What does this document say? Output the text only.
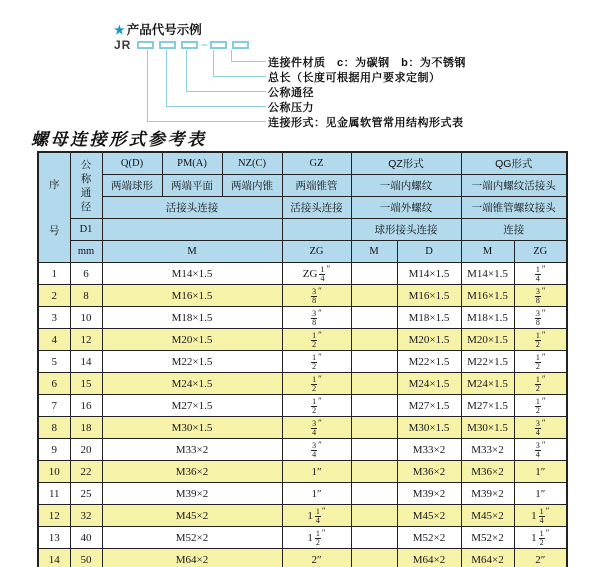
★ 产品代号示例
JR	–
连接件材质　c：为碳钢　b：为不锈钢
总长（长度可根据用户要求定制）
公称通径
公称压力
连接形式：见金属软管常用结构形式表
螺母连接形式参考表
序号	公称通径	Q(D)	PM(A)	NZ(C)	GZ	QZ形式		QG形式	
		两端球形	两端平面	两端内锥	两端锥管	一端内螺纹		一端内螺纹活接头	
		活接头连接			活接头连接	一端外螺纹		一端锥管螺纹接头	
	D1					球形接头连接		连接	
	mm	M			ZG	M	D	M	ZG
1	6	M14×1.5			ZG $\frac{1}{4} ''$		M14×1.5	M14×1.5	$\frac{1}{4} ''$
2	8	M16×1.5			$\frac{3}{8} ''$		M16×1.5	M16×1.5	$\frac{3}{8} ''$
3	10	M18×1.5			$\frac{3}{8} ''$		M18×1.5	M18×1.5	$\frac{3}{8} ''$
4	12	M20×1.5			$\frac{1}{2} ''$		M20×1.5	M20×1.5	$\frac{1}{2} ''$
5	14	M22×1.5			$\frac{1}{2} ''$		M22×1.5	M22×1.5	$\frac{1}{2} ''$
6	15	M24×1.5			$\frac{1}{2} ''$		M24×1.5	M24×1.5	$\frac{1}{2} ''$
7	16	M27×1.5			$\frac{1}{2} ''$		M27×1.5	M27×1.5	$\frac{1}{2} ''$
8	18	M30×1.5			$\frac{3}{4} ''$		M30×1.5	M30×1.5	$\frac{3}{4} ''$
9	20	M33×2			$\frac{3}{4} ''$		M33×2	M33×2	$\frac{3}{4} ''$
10	22	M36×2			1″		M36×2	M36×2	1″
11	25	M39×2			1″		M39×2	M39×2	1″
12	32	M45×2			$1 \frac{1}{4} ''$		M45×2	M45×2	$1 \frac{1}{4} ''$
13	40	M52×2			$1 \frac{1}{2} ''$		M52×2	M52×2	$1 \frac{1}{2} ''$
14	50	M64×2			2″		M64×2	M64×2	2″
